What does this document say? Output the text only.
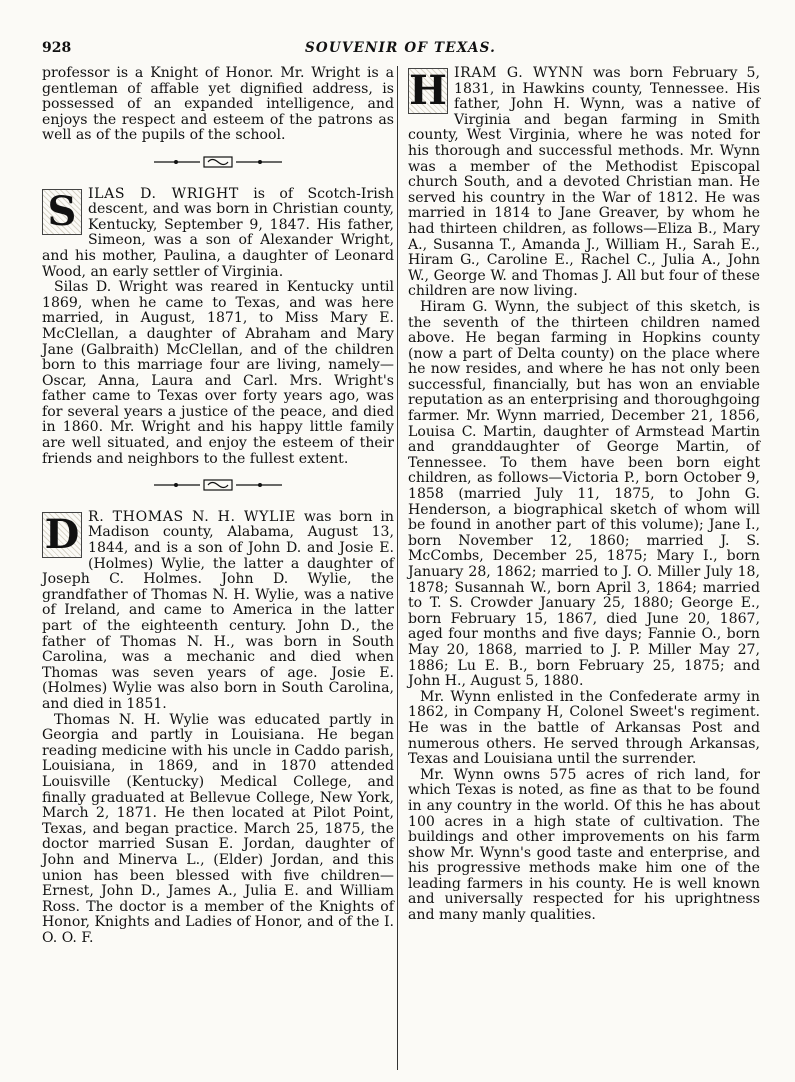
928	SOUVENIR OF TEXAS.

professor is a Knight of Honor. Mr. Wright is a gentleman of affable yet dignified address, is possessed of an expanded intelligence, and enjoys the respect and esteem of the patrons as well as of the pupils of the school.

S ILAS D. WRIGHT is of Scotch-Irish descent, and was born in Christian county, Kentucky, September 9, 1847. His father, Simeon, was a son of Alexander Wright, and his mother, Paulina, a daughter of Leonard Wood, an early settler of Virginia.

Silas D. Wright was reared in Kentucky until 1869, when he came to Texas, and was here married, in August, 1871, to Miss Mary E. McClellan, a daughter of Abraham and Mary Jane (Galbraith) McClellan, and of the children born to this marriage four are living, namely—Oscar, Anna, Laura and Carl. Mrs. Wright's father came to Texas over forty years ago, was for several years a justice of the peace, and died in 1860. Mr. Wright and his happy little family are well situated, and enjoy the esteem of their friends and neighbors to the fullest extent.

D R. THOMAS N. H. WYLIE was born in Madison county, Alabama, August 13, 1844, and is a son of John D. and Josie E. (Holmes) Wylie, the latter a daughter of Joseph C. Holmes. John D. Wylie, the grandfather of Thomas N. H. Wylie, was a native of Ireland, and came to America in the latter part of the eighteenth century. John D., the father of Thomas N. H., was born in South Carolina, was a mechanic and died when Thomas was seven years of age. Josie E. (Holmes) Wylie was also born in South Carolina, and died in 1851.

Thomas N. H. Wylie was educated partly in Georgia and partly in Louisiana. He began reading medicine with his uncle in Caddo parish, Louisiana, in 1869, and in 1870 attended Louisville (Kentucky) Medical College, and finally graduated at Bellevue College, New York, March 2, 1871. He then located at Pilot Point, Texas, and began practice. March 25, 1875, the doctor married Susan E. Jordan, daughter of John and Minerva L., (Elder) Jordan, and this union has been blessed with five children—Ernest, John D., James A., Julia E. and William Ross. The doctor is a member of the Knights of Honor, Knights and Ladies of Honor, and of the I. O. O. F.

H IRAM G. WYNN was born February 5, 1831, in Hawkins county, Tennessee. His father, John H. Wynn, was a native of Virginia and began farming in Smith county, West Virginia, where he was noted for his thorough and successful methods. Mr. Wynn was a member of the Methodist Episcopal church South, and a devoted Christian man. He served his country in the War of 1812. He was married in 1814 to Jane Greaver, by whom he had thirteen children, as follows—Eliza B., Mary A., Susanna T., Amanda J., William H., Sarah E., Hiram G., Caroline E., Rachel C., Julia A., John W., George W. and Thomas J. All but four of these children are now living.

Hiram G. Wynn, the subject of this sketch, is the seventh of the thirteen children named above. He began farming in Hopkins county (now a part of Delta county) on the place where he now resides, and where he has not only been successful, financially, but has won an enviable reputation as an enterprising and thoroughgoing farmer. Mr. Wynn married, December 21, 1856, Louisa C. Martin, daughter of Armstead Martin and granddaughter of George Martin, of Tennessee. To them have been born eight children, as follows—Victoria P., born October 9, 1858 (married July 11, 1875, to John G. Henderson, a biographical sketch of whom will be found in another part of this volume); Jane I., born November 12, 1860; married J. S. McCombs, December 25, 1875; Mary I., born January 28, 1862; married to J. O. Miller July 18, 1878; Susannah W., born April 3, 1864; married to T. S. Crowder January 25, 1880; George E., born February 15, 1867, died June 20, 1867, aged four months and five days; Fannie O., born May 20, 1868, married to J. P. Miller May 27, 1886; Lu E. B., born February 25, 1875; and John H., August 5, 1880.

Mr. Wynn enlisted in the Confederate army in 1862, in Company H, Colonel Sweet's regiment. He was in the battle of Arkansas Post and numerous others. He served through Arkansas, Texas and Louisiana until the surrender.

Mr. Wynn owns 575 acres of rich land, for which Texas is noted, as fine as that to be found in any country in the world. Of this he has about 100 acres in a high state of cultivation. The buildings and other improvements on his farm show Mr. Wynn's good taste and enterprise, and his progressive methods make him one of the leading farmers in his county. He is well known and universally respected for his uprightness and many manly qualities.
